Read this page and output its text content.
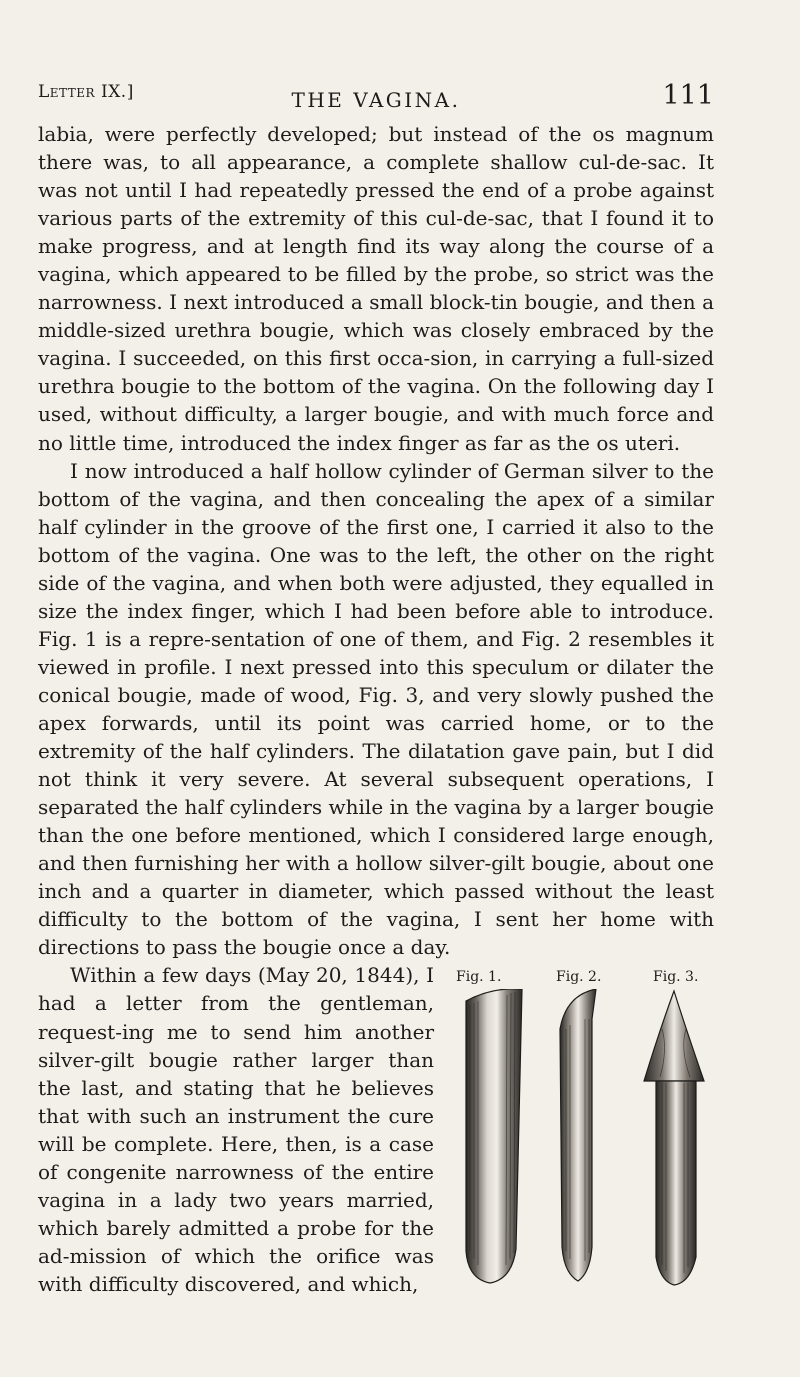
Letter IX.]	THE VAGINA.	111

labia, were perfectly developed; but instead of the os magnum there was, to all appearance, a complete shallow cul-de-sac. It was not until I had repeatedly pressed the end of a probe against various parts of the extremity of this cul-de-sac, that I found it to make progress, and at length find its way along the course of a vagina, which appeared to be filled by the probe, so strict was the narrowness. I next introduced a small block-tin bougie, and then a middle-sized urethra bougie, which was closely embraced by the vagina. I succeeded, on this first occa-sion, in carrying a full-sized urethra bougie to the bottom of the vagina. On the following day I used, without difficulty, a larger bougie, and with much force and no little time, introduced the index finger as far as the os uteri.

I now introduced a half hollow cylinder of German silver to the bottom of the vagina, and then concealing the apex of a similar half cylinder in the groove of the first one, I carried it also to the bottom of the vagina. One was to the left, the other on the right side of the vagina, and when both were adjusted, they equalled in size the index finger, which I had been before able to introduce. Fig. 1 is a repre-sentation of one of them, and Fig. 2 resembles it viewed in profile. I next pressed into this speculum or dilater the conical bougie, made of wood, Fig. 3, and very slowly pushed the apex forwards, until its point was carried home, or to the extremity of the half cylinders. The dilatation gave pain, but I did not think it very severe. At several subsequent operations, I separated the half cylinders while in the vagina by a larger bougie than the one before mentioned, which I considered large enough, and then furnishing her with a hollow silver-gilt bougie, about one inch and a quarter in diameter, which passed without the least difficulty to the bottom of the vagina, I sent her home with directions to pass the bougie once a day.

Fig. 1.	Fig. 2.	Fig. 3.

Within a few days (May 20, 1844), I had a letter from the gentleman, request-ing me to send him another silver-gilt bougie rather larger than the last, and stating that he believes that with such an instrument the cure will be complete. Here, then, is a case of congenite narrowness of the entire vagina in a lady two years married, which barely admitted a probe for the ad-mission of which the orifice was with difficulty discovered, and which,
